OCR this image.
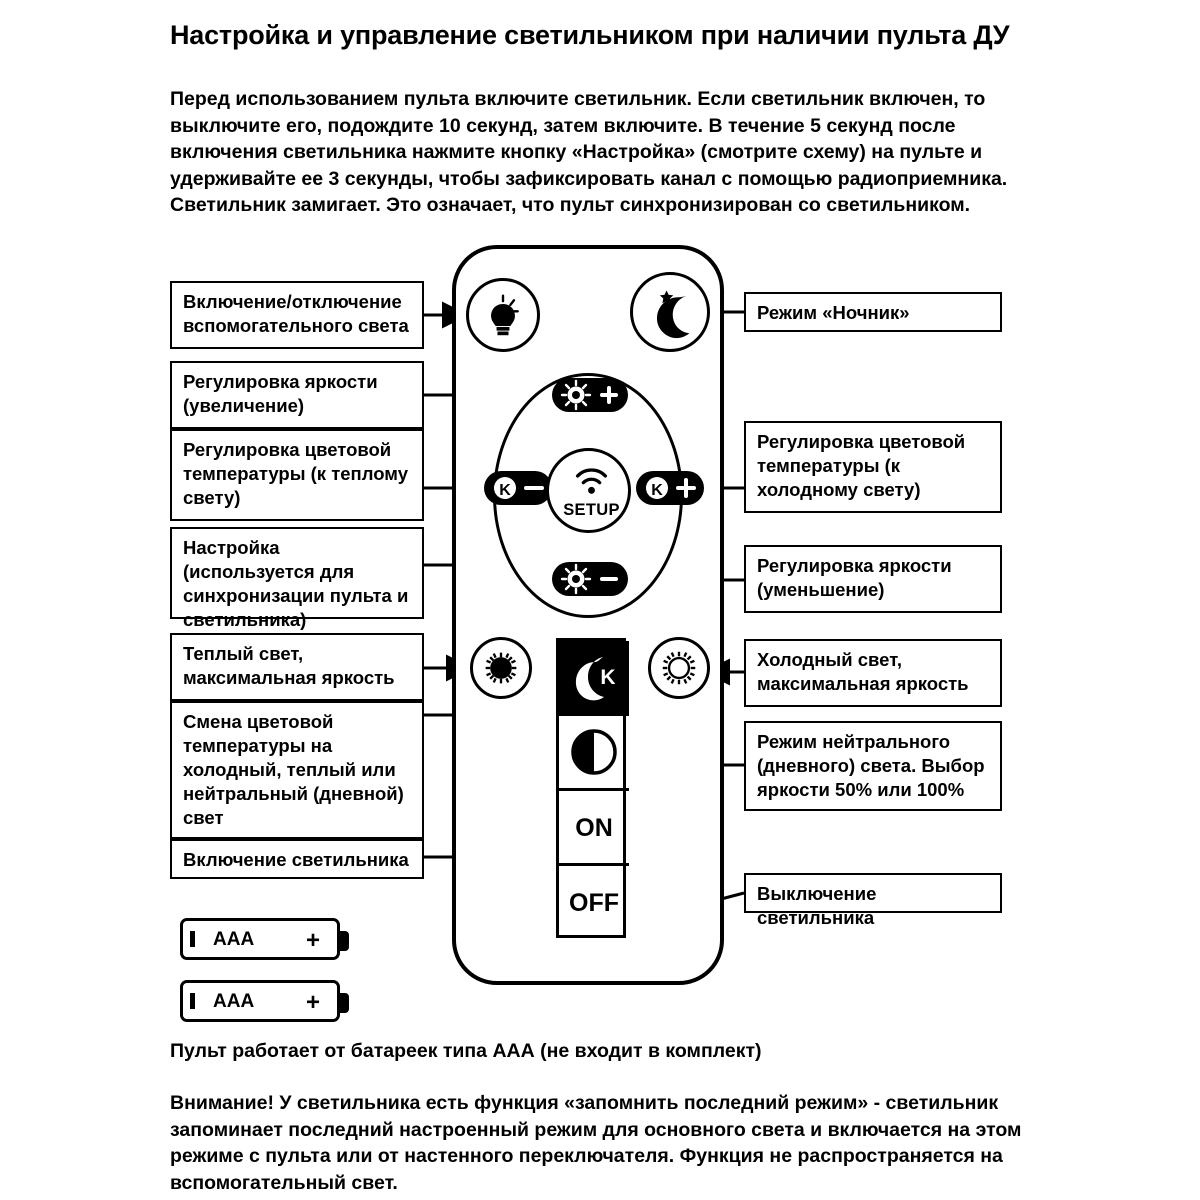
Настройка и управление светильником при наличии пульта ДУ
Перед использованием пульта включите светильник. Если светильник включен, то выключите его, подождите 10 секунд, затем включите. В течение 5 секунд после включения светильника нажмите кнопку «Настройка» (смотрите схему) на пульте и удерживайте ее 3 секунды, чтобы зафиксировать канал с помощью радиоприемника. Светильник замигает. Это означает, что пульт синхронизирован со светильником.
K	K
SETUP
K
ON
OFF
Включение/отключение вспомогательного света
Регулировка яркости (увеличение)
Регулировка цветовой температуры (к теплому свету)
Настройка (используется для синхронизации пульта и светильника)
Теплый свет, максимальная яркость
Смена цветовой температуры на холодный, теплый или нейтральный (дневной) свет
Включение светильника
Режим «Ночник»
Регулировка цветовой температуры (к холодному свету)
Регулировка яркости (уменьшение)
Холодный свет, максимальная яркость
Режим нейтрального (дневного) света. Выбор яркости 50% или 100%
Выключение светильника
ААА +
ААА +
Пульт работает от батареек типа ААА (не входит в комплект)
Внимание! У светильника есть функция «запомнить последний режим» - светильник запоминает последний настроенный режим для основного света и включается на этом режиме с пульта или от настенного переключателя. Функция не распространяется на вспомогательный свет.
